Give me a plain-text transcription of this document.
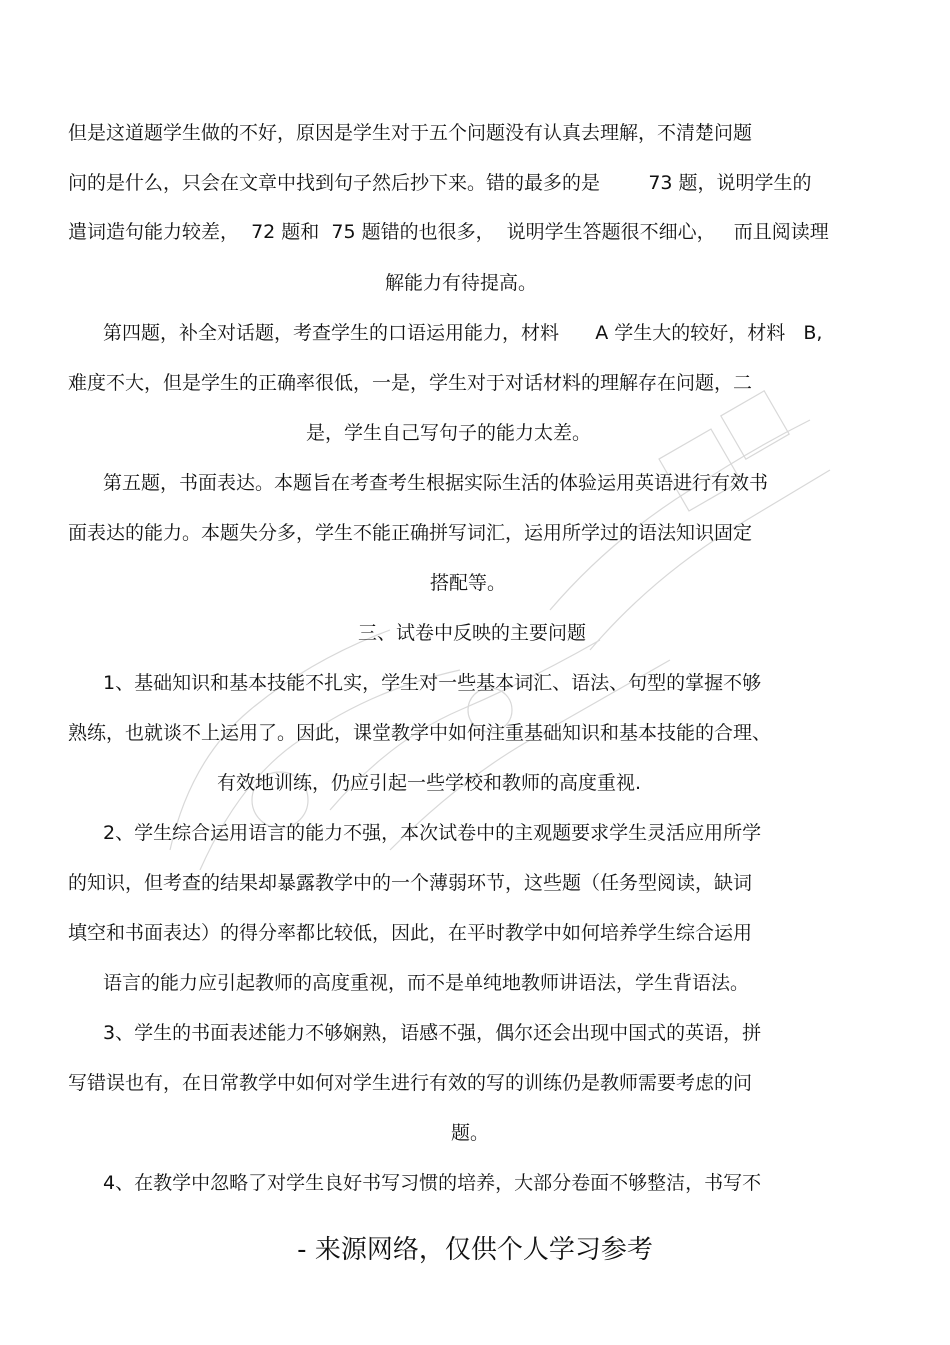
但是这道题学生做的不好，原因是学生对于五个问题没有认真去理解，不清楚问题

问的是什么，只会在文章中找到句子然后抄下来。错的最多的是        73 题，说明学生的

遣词造句能力较差，  72 题和  75 题错的也很多，  说明学生答题很不细心，   而且阅读理

解能力有待提高。

第四题，补全对话题，考查学生的口语运用能力，材料      A 学生大的较好，材料   B,

难度不大，但是学生的正确率很低，一是，学生对于对话材料的理解存在问题，二

是，学生自己写句子的能力太差。

第五题，书面表达。本题旨在考查考生根据实际生活的体验运用英语进行有效书

面表达的能力。本题失分多，学生不能正确拼写词汇，运用所学过的语法知识固定

搭配等。

三、试卷中反映的主要问题

1、基础知识和基本技能不扎实，学生对一些基本词汇、语法、句型的掌握不够

熟练，也就谈不上运用了。因此，课堂教学中如何注重基础知识和基本技能的合理、

有效地训练，仍应引起一些学校和教师的高度重视.

2、学生综合运用语言的能力不强，本次试卷中的主观题要求学生灵活应用所学

的知识，但考查的结果却暴露教学中的一个薄弱环节，这些题（任务型阅读，缺词

填空和书面表达）的得分率都比较低，因此，在平时教学中如何培养学生综合运用

语言的能力应引起教师的高度重视，而不是单纯地教师讲语法，学生背语法。

3、学生的书面表述能力不够娴熟，语感不强，偶尔还会出现中国式的英语，拼

写错误也有，在日常教学中如何对学生进行有效的写的训练仍是教师需要考虑的问

题。

4、在教学中忽略了对学生良好书写习惯的培养，大部分卷面不够整洁，书写不

- 来源网络，仅供个人学习参考
